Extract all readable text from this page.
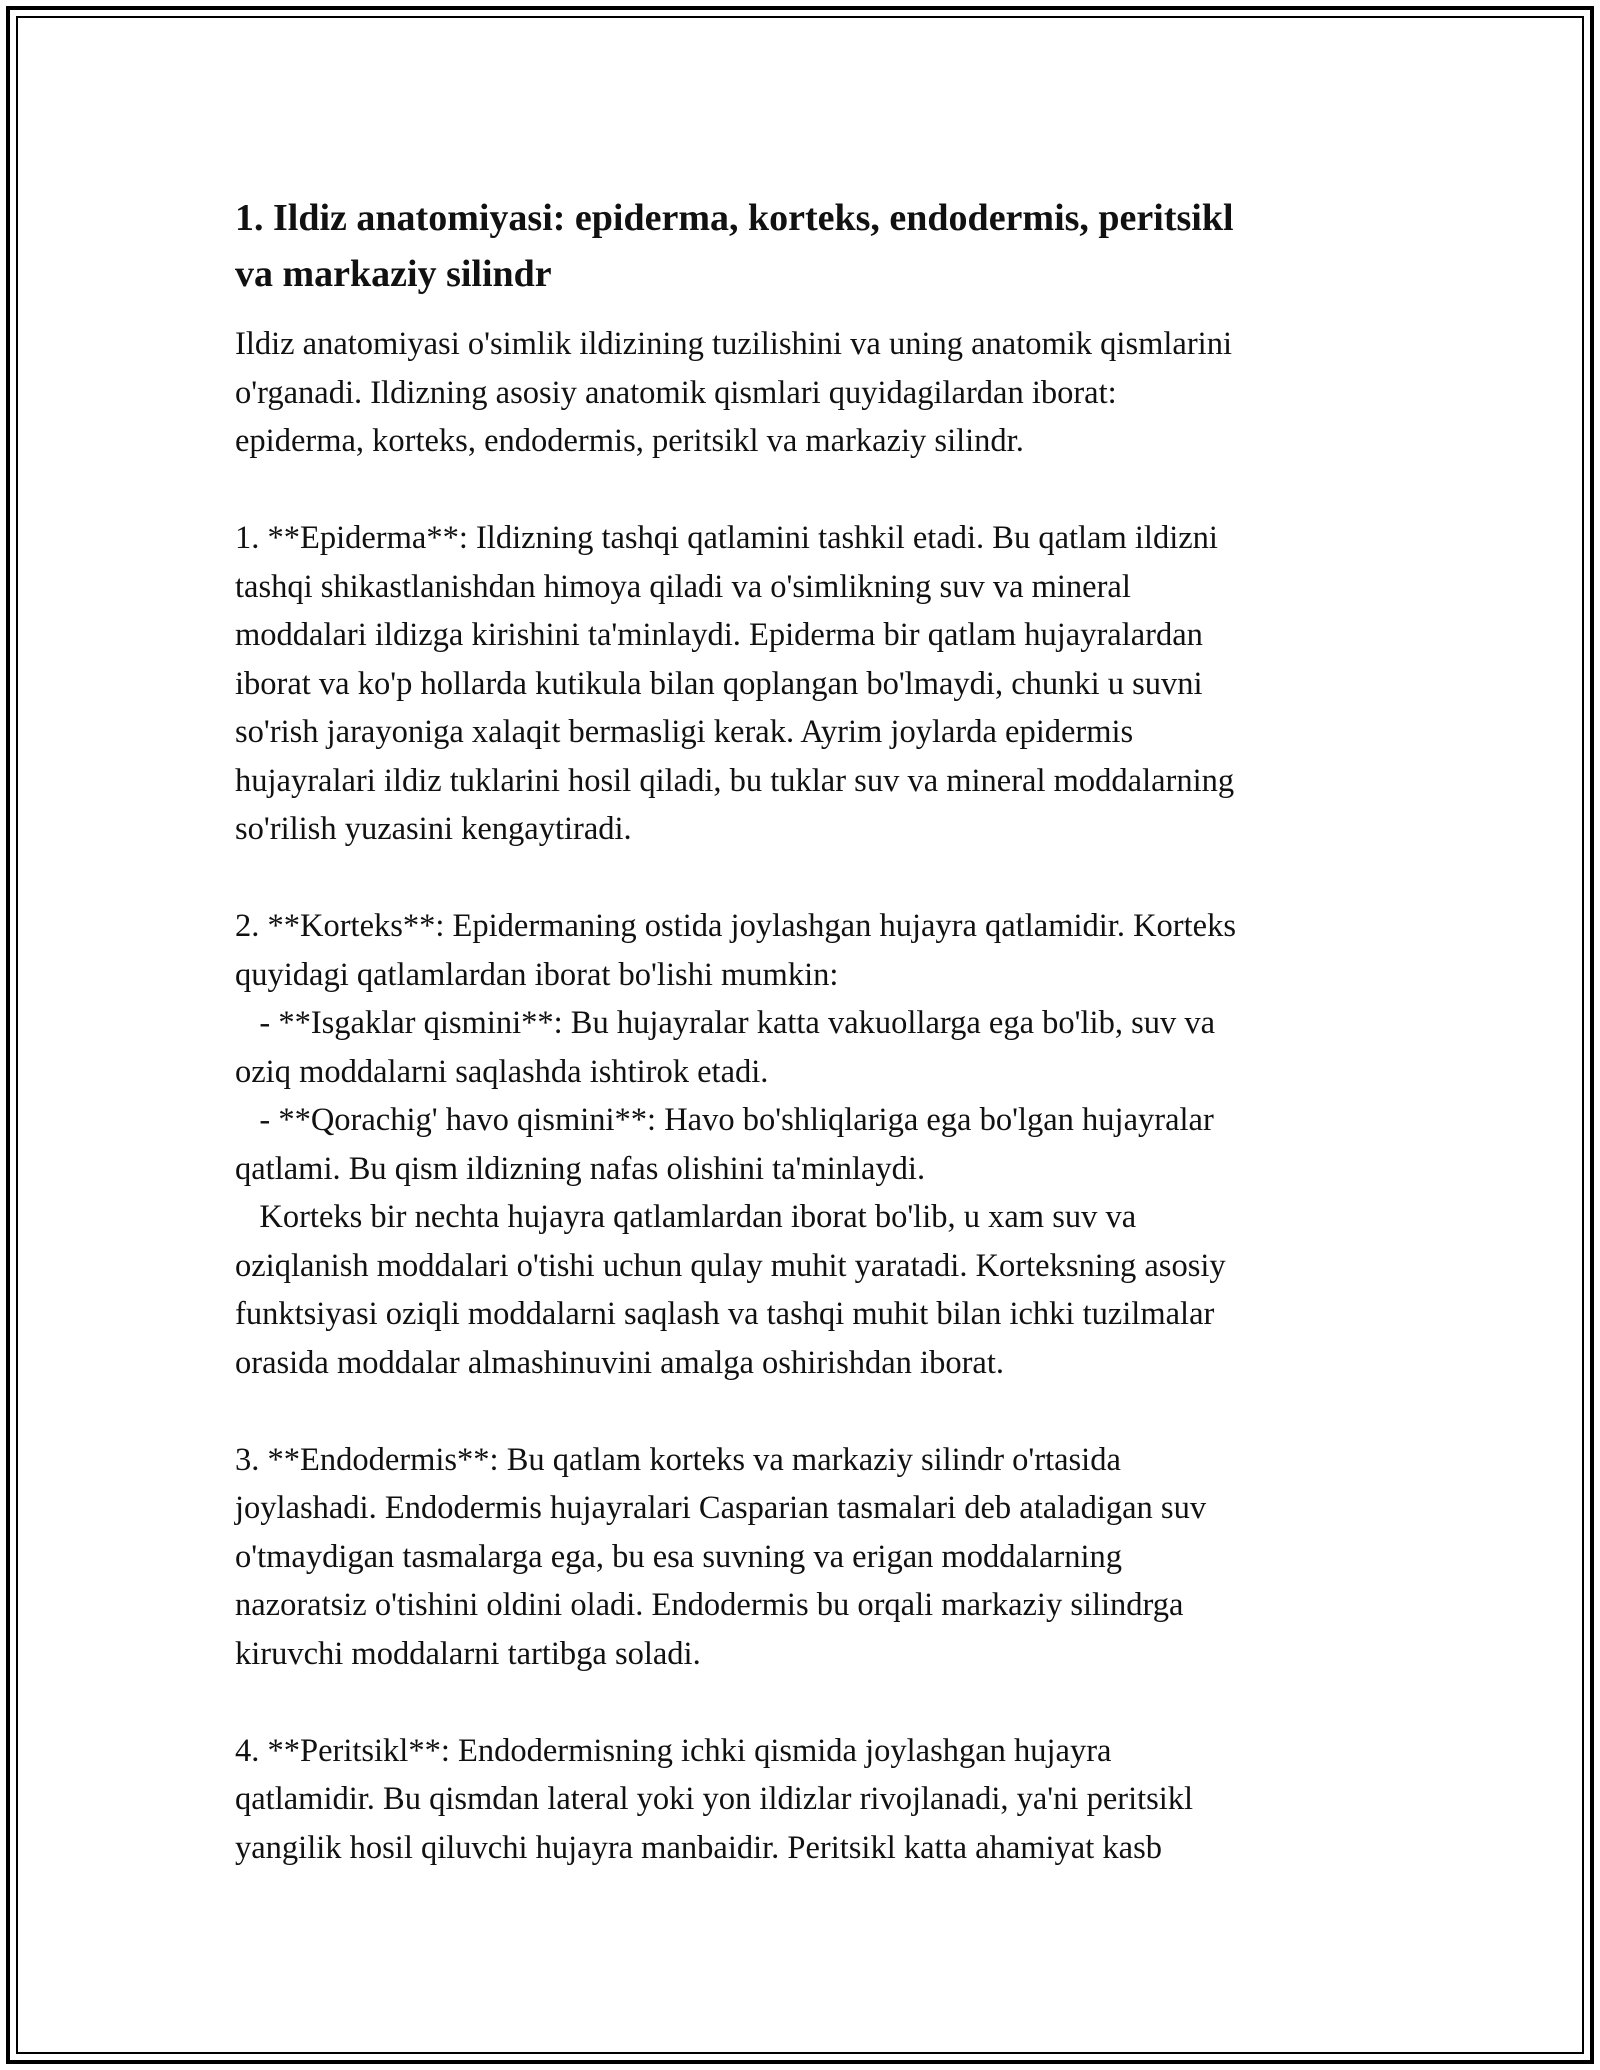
1. Ildiz anatomiyasi: epiderma, korteks, endodermis, peritsikl
va markaziy silindr

Ildiz anatomiyasi o'simlik ildizining tuzilishini va uning anatomik qismlarini
o'rganadi. Ildizning asosiy anatomik qismlari quyidagilardan iborat:
epiderma, korteks, endodermis, peritsikl va markaziy silindr.

1. **Epiderma**: Ildizning tashqi qatlamini tashkil etadi. Bu qatlam ildizni
tashqi shikastlanishdan himoya qiladi va o'simlikning suv va mineral
moddalari ildizga kirishini ta'minlaydi. Epiderma bir qatlam hujayralardan
iborat va ko'p hollarda kutikula bilan qoplangan bo'lmaydi, chunki u suvni
so'rish jarayoniga xalaqit bermasligi kerak. Ayrim joylarda epidermis
hujayralari ildiz tuklarini hosil qiladi, bu tuklar suv va mineral moddalarning
so'rilish yuzasini kengaytiradi.

2. **Korteks**: Epidermaning ostida joylashgan hujayra qatlamidir. Korteks
quyidagi qatlamlardan iborat bo'lishi mumkin:
- **Isgaklar qismini**: Bu hujayralar katta vakuollarga ega bo'lib, suv va
oziq moddalarni saqlashda ishtirok etadi.
- **Qorachig' havo qismini**: Havo bo'shliqlariga ega bo'lgan hujayralar
qatlami. Bu qism ildizning nafas olishini ta'minlaydi.
Korteks bir nechta hujayra qatlamlardan iborat bo'lib, u xam suv va
oziqlanish moddalari o'tishi uchun qulay muhit yaratadi. Korteksning asosiy
funktsiyasi oziqli moddalarni saqlash va tashqi muhit bilan ichki tuzilmalar
orasida moddalar almashinuvini amalga oshirishdan iborat.

3. **Endodermis**: Bu qatlam korteks va markaziy silindr o'rtasida
joylashadi. Endodermis hujayralari Casparian tasmalari deb ataladigan suv
o'tmaydigan tasmalarga ega, bu esa suvning va erigan moddalarning
nazoratsiz o'tishini oldini oladi. Endodermis bu orqali markaziy silindrga
kiruvchi moddalarni tartibga soladi.

4. **Peritsikl**: Endodermisning ichki qismida joylashgan hujayra
qatlamidir. Bu qismdan lateral yoki yon ildizlar rivojlanadi, ya'ni peritsikl
yangilik hosil qiluvchi hujayra manbaidir. Peritsikl katta ahamiyat kasb
